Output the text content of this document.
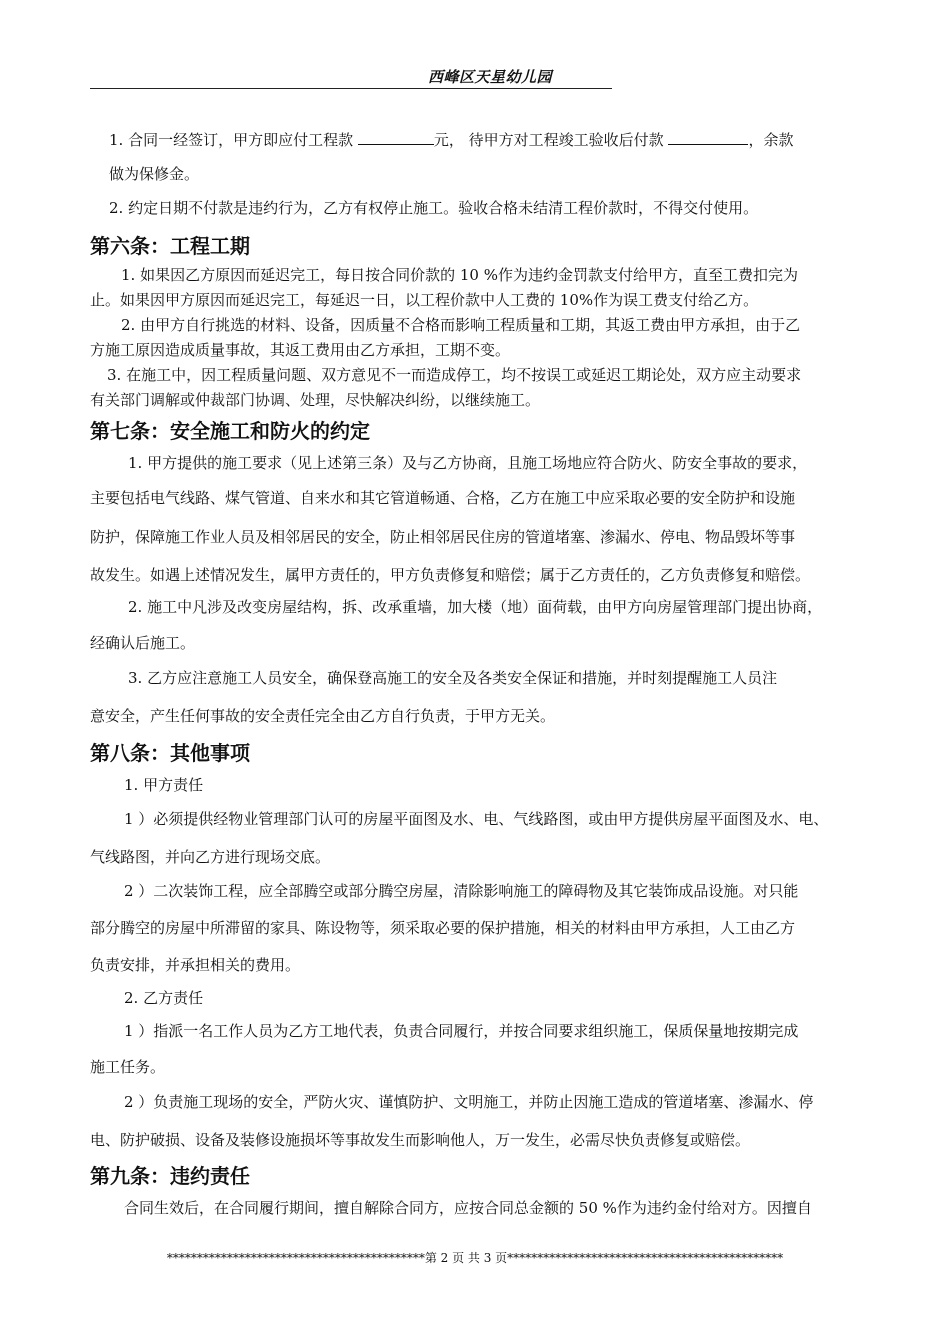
西峰区天星幼儿园
1. 合同一经签订，甲方即应付工程款	元， 待甲方对工程竣工验收后付款	，余款
做为保修金。
2. 约定日期不付款是违约行为，乙方有权停止施工。验收合格未结清工程价款时，不得交付使用。
第六条：工程工期
1. 如果因乙方原因而延迟完工，每日按合同价款的 10 %作为违约金罚款支付给甲方，直至工费扣完为
止。如果因甲方原因而延迟完工，每延迟一日，以工程价款中人工费的 10%作为误工费支付给乙方。
2. 由甲方自行挑选的材料、设备，因质量不合格而影响工程质量和工期，其返工费由甲方承担，由于乙
方施工原因造成质量事故，其返工费用由乙方承担，工期不变。
3. 在施工中，因工程质量问题、双方意见不一而造成停工，均不按误工或延迟工期论处，双方应主动要求
有关部门调解或仲裁部门协调、处理，尽快解决纠纷，以继续施工。
第七条：安全施工和防火的约定
1. 甲方提供的施工要求（见上述第三条）及与乙方协商，且施工场地应符合防火、防安全事故的要求，
主要包括电气线路、煤气管道、自来水和其它管道畅通、合格，乙方在施工中应采取必要的安全防护和设施
防护，保障施工作业人员及相邻居民的安全，防止相邻居民住房的管道堵塞、渗漏水、停电、物品毁坏等事
故发生。如遇上述情况发生，属甲方责任的，甲方负责修复和赔偿；属于乙方责任的，乙方负责修复和赔偿。
2. 施工中凡涉及改变房屋结构，拆、改承重墙，加大楼（地）面荷载，由甲方向房屋管理部门提出协商，
经确认后施工。
3. 乙方应注意施工人员安全，确保登高施工的安全及各类安全保证和措施，并时刻提醒施工人员注
意安全，产生任何事故的安全责任完全由乙方自行负责，于甲方无关。
第八条：其他事项
1. 甲方责任
1 ）必须提供经物业管理部门认可的房屋平面图及水、电、气线路图，或由甲方提供房屋平面图及水、电、
气线路图，并向乙方进行现场交底。
2 ）二次装饰工程，应全部腾空或部分腾空房屋，清除影响施工的障碍物及其它装饰成品设施。对只能
部分腾空的房屋中所滞留的家具、陈设物等，须采取必要的保护措施，相关的材料由甲方承担，人工由乙方
负责安排，并承担相关的费用。
2. 乙方责任
1 ）指派一名工作人员为乙方工地代表，负责合同履行，并按合同要求组织施工，保质保量地按期完成
施工任务。
2 ）负责施工现场的安全，严防火灾、谨慎防护、文明施工，并防止因施工造成的管道堵塞、渗漏水、停
电、防护破损、设备及装修设施损坏等事故发生而影响他人，万一发生，必需尽快负责修复或赔偿。
第九条：违约责任
合同生效后，在合同履行期间，擅自解除合同方，应按合同总金额的 50 %作为违约金付给对方。因擅自
*******************************************第 2 页 共 3 页**********************************************
